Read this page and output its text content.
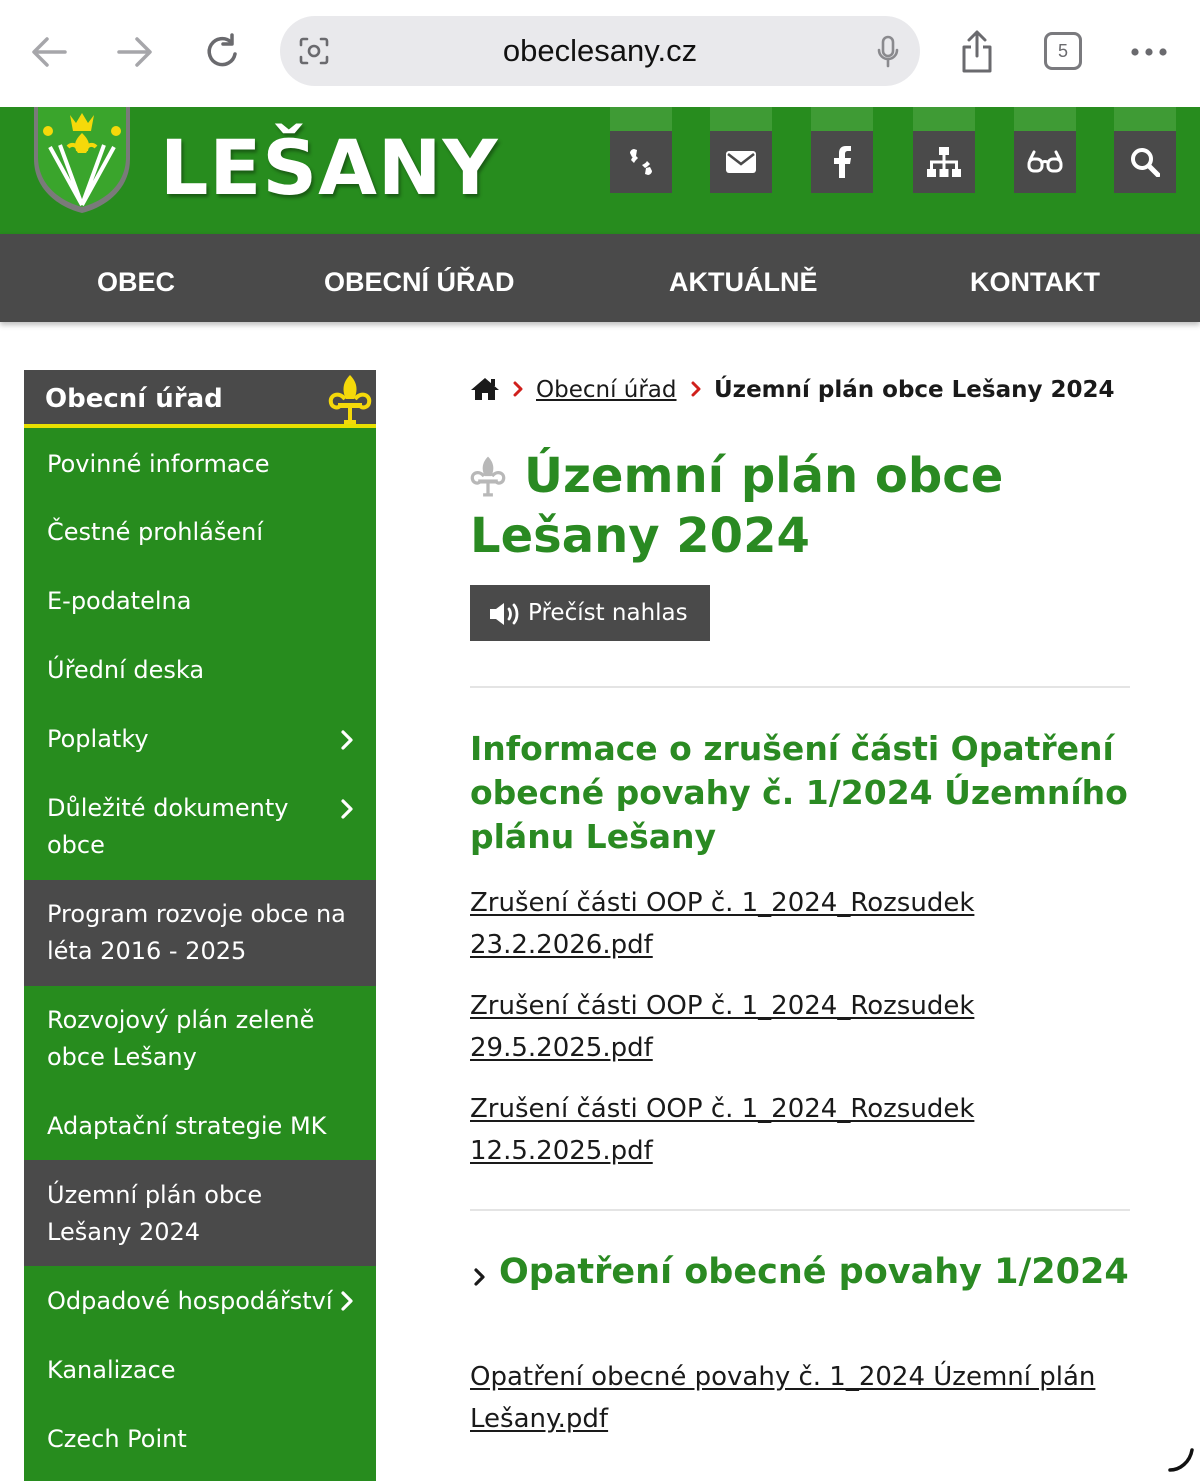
obeclesany.cz	5
LEŠANY
OBEC	OBECNÍ ÚŘAD	AKTUÁLNĚ	KONTAKT
Obecní úřad
Povinné informace
Čestné prohlášení
E-podatelna
Úřední deska
Poplatky
Důležité dokumenty obce
Program rozvoje obce na léta 2016 - 2025
Rozvojový plán zeleně obce Lešany
Adaptační strategie MK
Územní plán obce Lešany 2024
Odpadové hospodářství
Kanalizace
Czech Point
Obecní úřad Územní plán obce Lešany 2024
Územní plán obce Lešany 2024
Přečíst nahlas
Informace o zrušení části Opatření obecné povahy č. 1/2024 Územního plánu Lešany
Zrušení části OOP č. 1_2024_Rozsudek 23.2.2026.pdf
Zrušení části OOP č. 1_2024_Rozsudek 29.5.2025.pdf
Zrušení části OOP č. 1_2024_Rozsudek 12.5.2025.pdf
Opatření obecné povahy 1/2024
Opatření obecné povahy č. 1_2024 Územní plán Lešany.pdf
